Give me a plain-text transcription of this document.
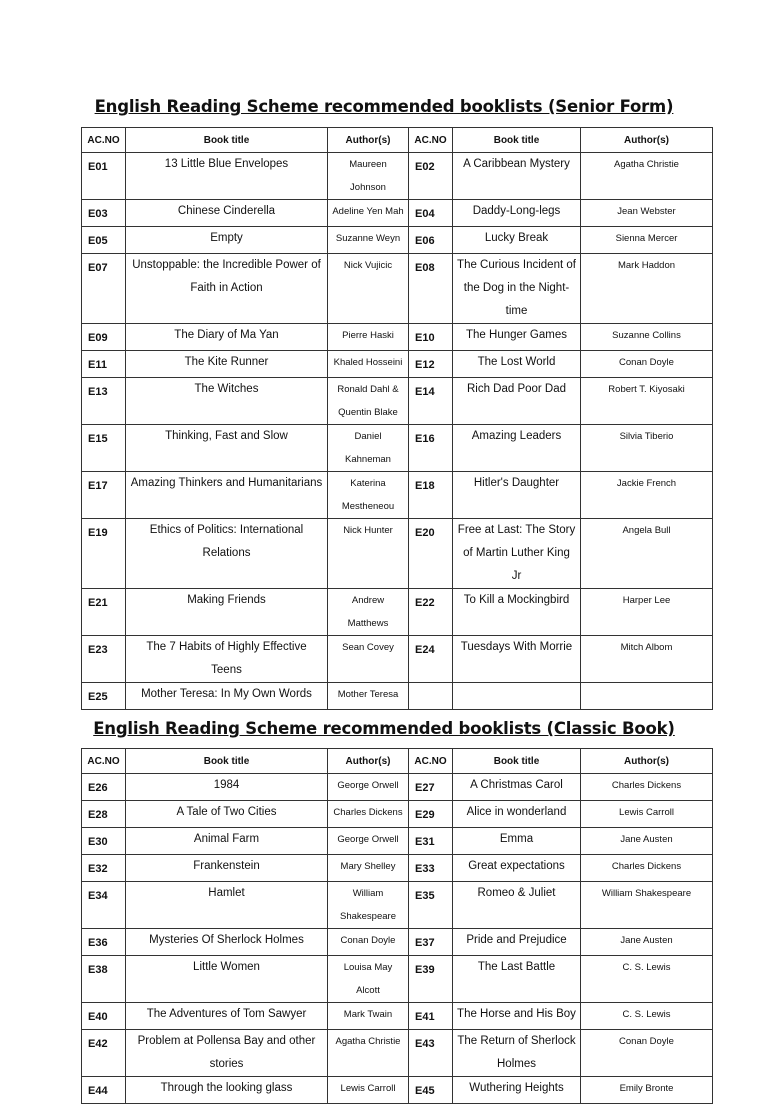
English Reading Scheme recommended booklists (Senior Form)
AC.NO	Book title	Author(s)	AC.NO	Book title	Author(s)
E01	13 Little Blue Envelopes	Maureen Johnson	E02	A Caribbean Mystery	Agatha Christie
E03	Chinese Cinderella	Adeline Yen Mah	E04	Daddy-Long-legs	Jean Webster
E05	Empty	Suzanne Weyn	E06	Lucky Break	Sienna Mercer
E07	Unstoppable: the Incredible Power of Faith in Action	Nick Vujicic	E08	The Curious Incident of the Dog in the Night-time	Mark Haddon
E09	The Diary of Ma Yan	Pierre Haski	E10	The Hunger Games	Suzanne Collins
E11	The Kite Runner	Khaled Hosseini	E12	The Lost World	Conan Doyle
E13	The Witches	Ronald Dahl & Quentin Blake	E14	Rich Dad Poor Dad	Robert T. Kiyosaki
E15	Thinking, Fast and Slow	Daniel Kahneman	E16	Amazing Leaders	Silvia Tiberio
E17	Amazing Thinkers and Humanitarians	Katerina Mestheneou	E18	Hitler's Daughter	Jackie French
E19	Ethics of Politics: International Relations	Nick Hunter	E20	Free at Last: The Story of Martin Luther King Jr	Angela Bull
E21	Making Friends	Andrew Matthews	E22	To Kill a Mockingbird	Harper Lee
E23	The 7 Habits of Highly Effective Teens	Sean Covey	E24	Tuesdays With Morrie	Mitch Albom
E25	Mother Teresa: In My Own Words	Mother Teresa			
English Reading Scheme recommended booklists (Classic Book)
AC.NO	Book title	Author(s)	AC.NO	Book title	Author(s)
E26	1984	George Orwell	E27	A Christmas Carol	Charles Dickens
E28	A Tale of Two Cities	Charles Dickens	E29	Alice in wonderland	Lewis Carroll
E30	Animal Farm	George Orwell	E31	Emma	Jane Austen
E32	Frankenstein	Mary Shelley	E33	Great expectations	Charles Dickens
E34	Hamlet	William Shakespeare	E35	Romeo & Juliet	William Shakespeare
E36	Mysteries Of Sherlock Holmes	Conan Doyle	E37	Pride and Prejudice	Jane Austen
E38	Little Women	Louisa May Alcott	E39	The Last Battle	C. S. Lewis
E40	The Adventures of Tom Sawyer	Mark Twain	E41	The Horse and His Boy	C. S. Lewis
E42	Problem at Pollensa Bay and other stories	Agatha Christie	E43	The Return of Sherlock Holmes	Conan Doyle
E44	Through the looking glass	Lewis Carroll	E45	Wuthering Heights	Emily Bronte
